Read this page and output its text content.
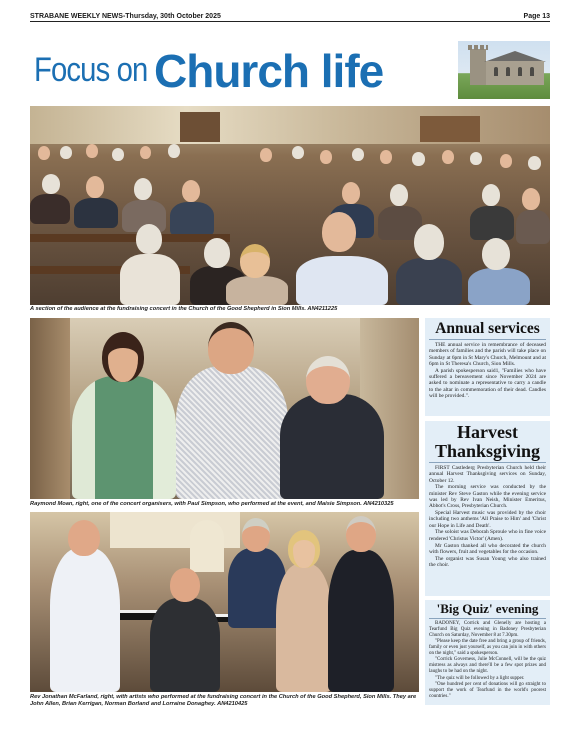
STRABANE WEEKLY NEWS-Thursday, 30th October 2025	Page 13
Focus on Church life
A section of the audience at the fundraising concert in the Church of the Good Shepherd in Sion Mills. AN4211225
Raymond Moan, right, one of the concert organisers, with Paul Simpson, who performed at the event, and Maisie Simpson. AN4210325
Rev Jonathan McFarland, right, with artists who performed at the fundraising concert in the Church of the Good Shepherd, Sion Mills. They are John Allen, Brian Kerrigan, Norman Borland and Lorraine Donaghey. AN4210425
Annual services

THE annual service in remembrance of deceased members of families and the parish will take place on Sunday at 6pm in St Mary's Church, Melmount and at 6pm in St Theresa's Church, Sion Mills.

A parish spokesperson said1, "Families who have suffered a bereavement since November 2024 are asked to nominate a representative to carry a candle to the altar in commemoration of their dead. Candles will be provided.".

Harvest Thanksgiving

FIRST Castlederg Presbyterian Church held their annual Harvest Thanksgiving services on Sunday, October 12.

The morning service was conducted by the minister Rev Steve Gaston while the evening service was led by Rev Ivan Neish, Minister Emeritus, Abbot's Cross, Presbyterian Church.

Special Harvest music was provided by the choir including two anthems 'All Praise to Him' and 'Christ our Hope in Life and Death'.

The soloist was Deborah Sproule who in fine voice rendered 'Christus Victor' (Amen).

Mr Gaston thanked all who decorated the church with flowers, fruit and vegetables for the occasion.

The organist was Susan Young who also trained the choir.

'Big Quiz' evening

BADONEY, Corrick and Glenelly are hosting a Tearfund Big Quiz evening in Badoney Presbyterian Church on Saturday, November 8 at 7.30pm.

"Please keep the date free and bring a group of friends, family or even just yourself, as you can join in with others on the night," said a spokesperson.

"Corrick Governess, Julie McConnell, will be the quiz mistress as always and there'll be a few spot prizes and laughs to be had on the night.

"The quiz will be followed by a light supper.

"One hundred per cent of donations will go straight to support the work of Tearfund in the world's poorest countries."
